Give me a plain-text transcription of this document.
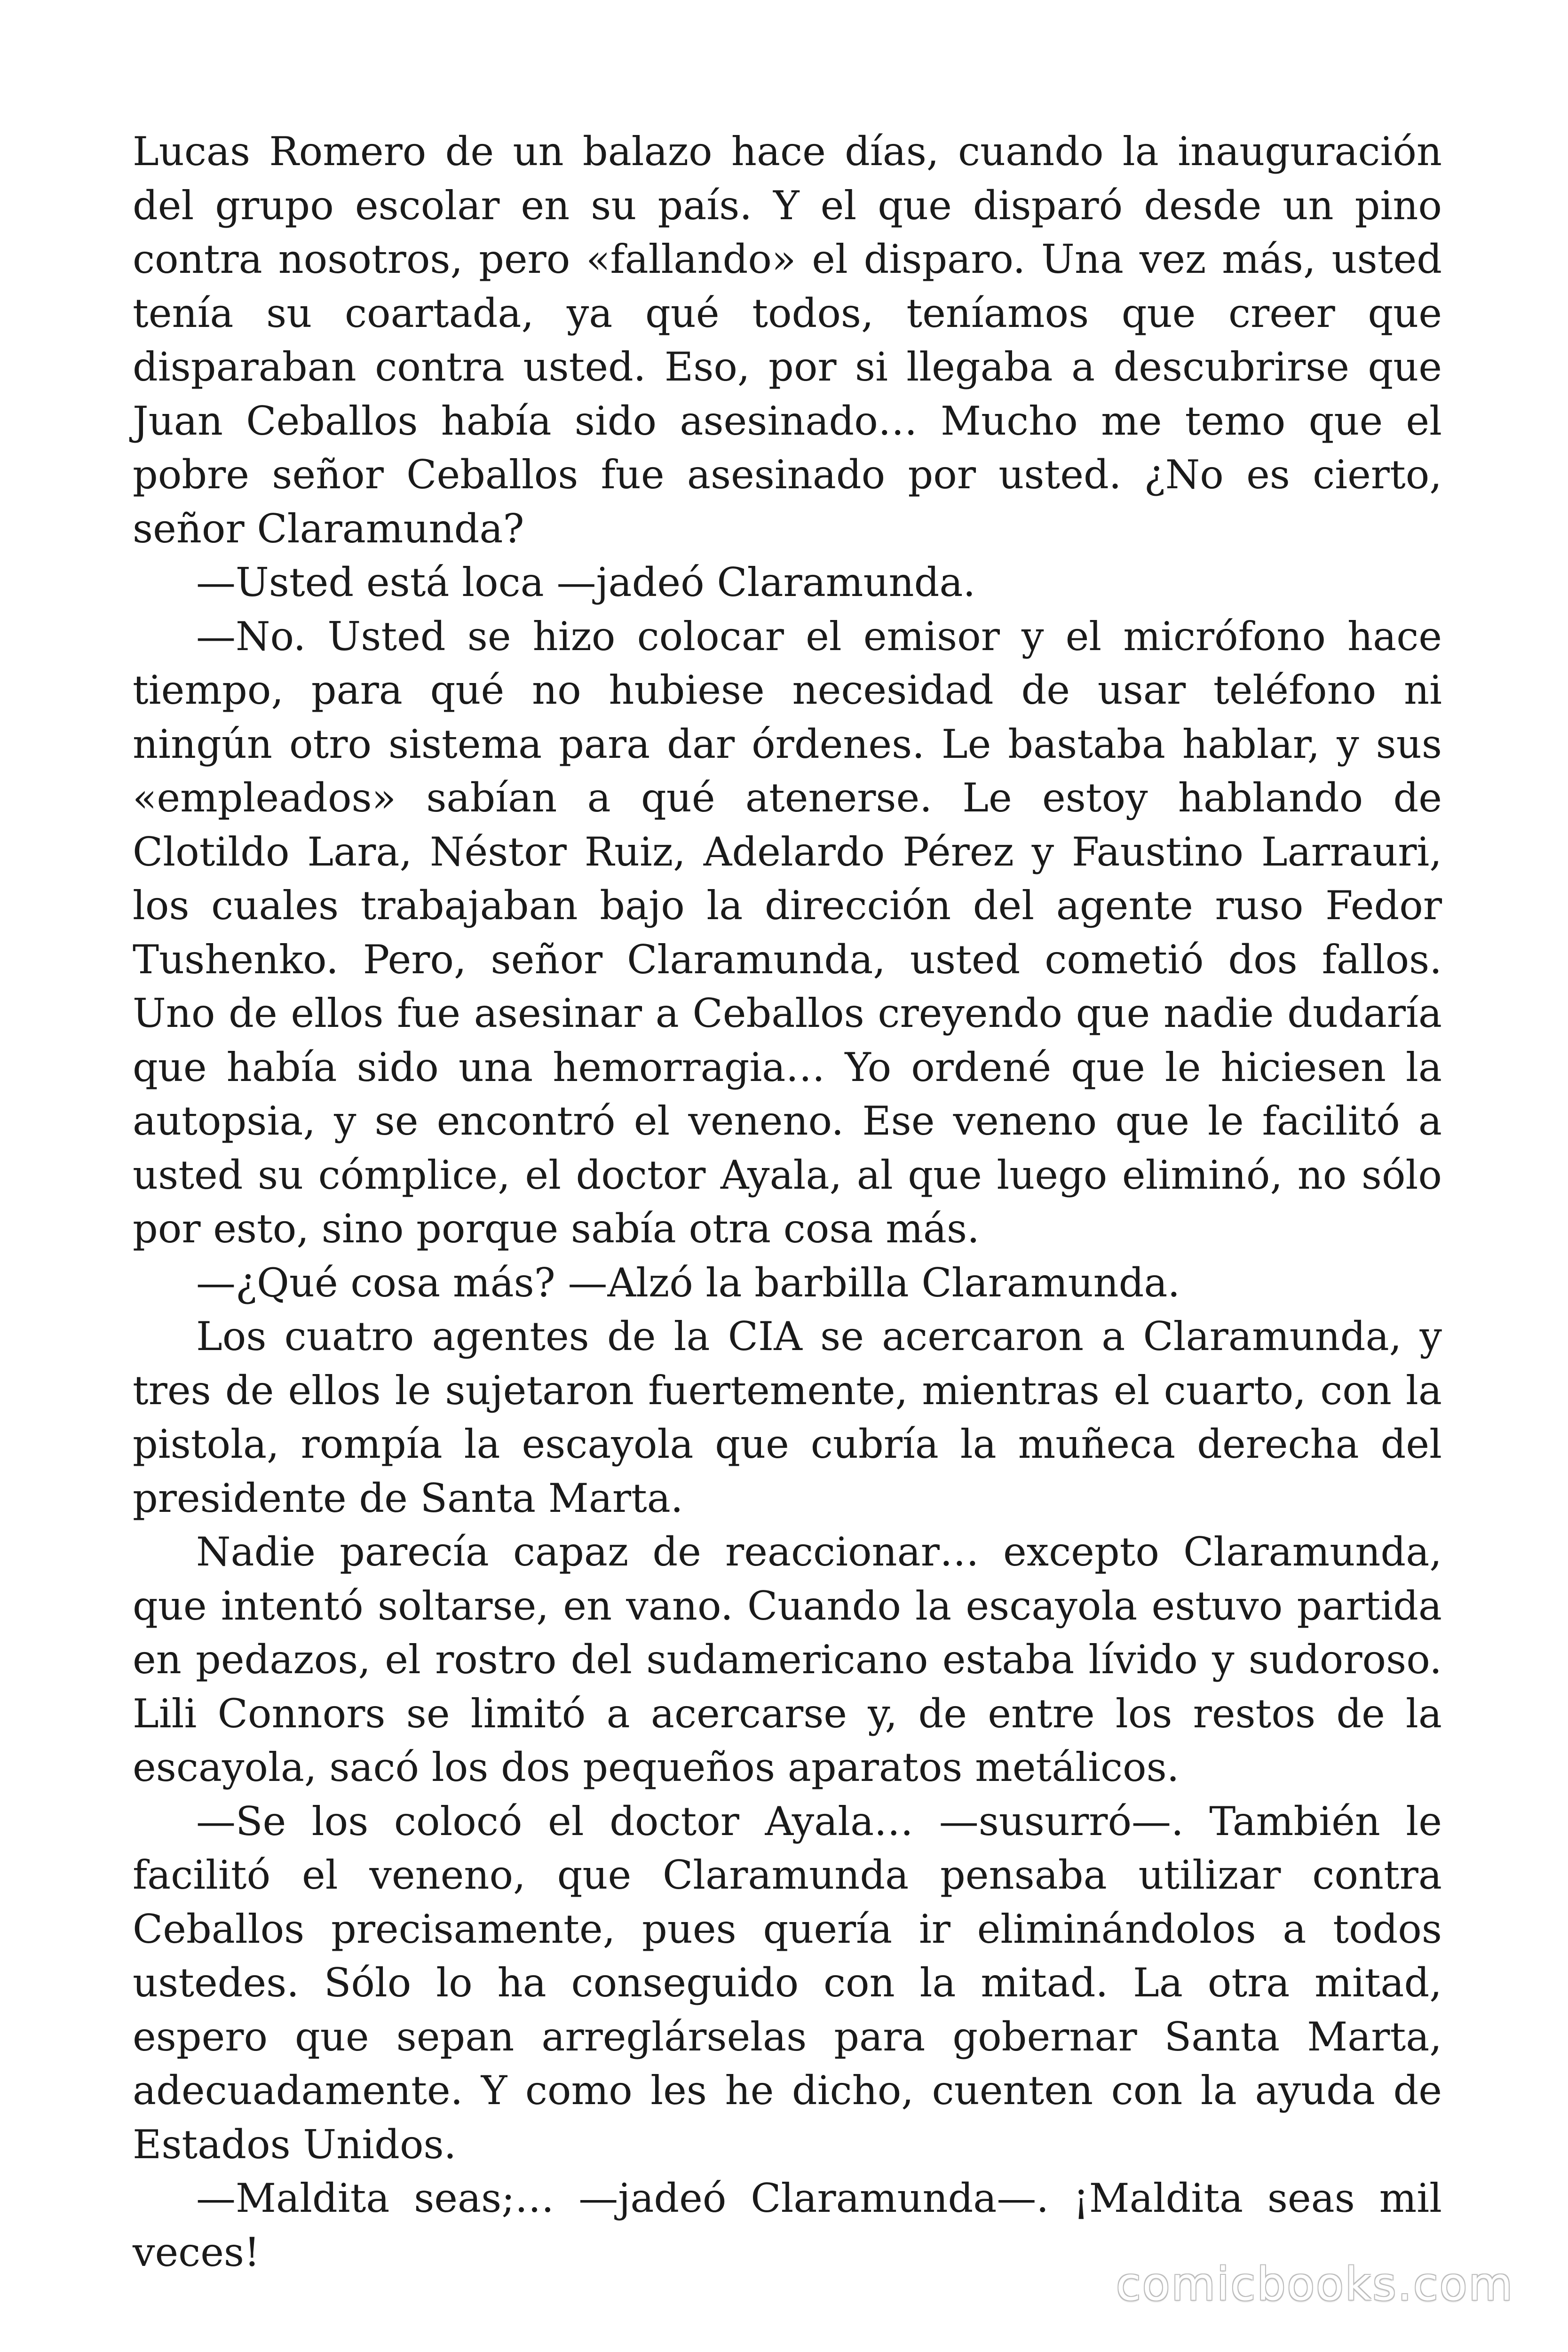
Lucas Romero de un balazo hace días, cuando la inauguración del grupo escolar en su país. Y el que disparó desde un pino contra nosotros, pero «fallando» el disparo. Una vez más, usted tenía su coartada, ya qué todos, teníamos que creer que disparaban contra usted. Eso, por si llegaba a descubrirse que Juan Ceballos había sido asesinado… Mucho me temo que el pobre señor Ceballos fue asesinado por usted. ¿No es cierto, señor Claramunda?

—Usted está loca —jadeó Claramunda.

—No. Usted se hizo colocar el emisor y el micrófono hace tiempo, para qué no hubiese necesidad de usar teléfono ni ningún otro sistema para dar órdenes. Le bastaba hablar, y sus «empleados» sabían a qué atenerse. Le estoy hablando de Clotildo Lara, Néstor Ruiz, Adelardo Pérez y Faustino Larrauri, los cuales trabajaban bajo la dirección del agente ruso Fedor Tushenko. Pero, señor Claramunda, usted cometió dos fallos. Uno de ellos fue asesinar a Ceballos creyendo que nadie dudaría que había sido una hemorragia… Yo ordené que le hiciesen la autopsia, y se encontró el veneno. Ese veneno que le facilitó a usted su cómplice, el doctor Ayala, al que luego eliminó, no sólo por esto, sino porque sabía otra cosa más.

—¿Qué cosa más? —Alzó la barbilla Claramunda.

Los cuatro agentes de la CIA se acercaron a Claramunda, y tres de ellos le sujetaron fuertemente, mientras el cuarto, con la pistola, rompía la escayola que cubría la muñeca derecha del presidente de Santa Marta.

Nadie parecía capaz de reaccionar… excepto Claramunda, que intentó soltarse, en vano. Cuando la escayola estuvo partida en pedazos, el rostro del sudamericano estaba lívido y sudoroso. Lili Connors se limitó a acercarse y, de entre los restos de la escayola, sacó los dos pequeños aparatos metálicos.

—Se los colocó el doctor Ayala… —susurró—. También le facilitó el veneno, que Claramunda pensaba utilizar contra Ceballos precisamente, pues quería ir eliminándolos a todos ustedes. Sólo lo ha conseguido con la mitad. La otra mitad, espero que sepan arreglárselas para gobernar Santa Marta, adecuadamente. Y como les he dicho, cuenten con la ayuda de Estados Unidos.

—Maldita seas;… —jadeó Claramunda—. ¡Maldita seas mil veces!

comicbooks.com
